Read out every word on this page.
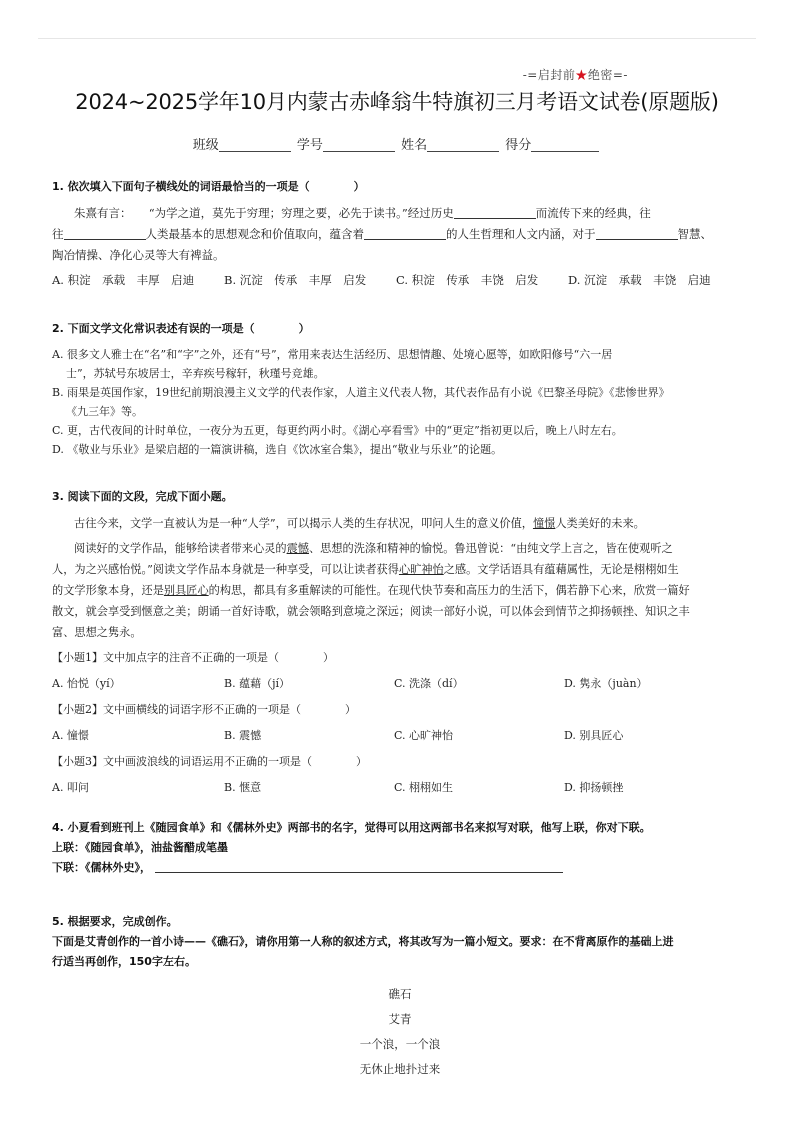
-=启封前★绝密=-
2024~2025学年10月内蒙古赤峰翁牛特旗初三月考语文试卷(原题版)
班级	学号	姓名	得分
1. 依次填入下面句子横线处的词语最恰当的一项是（　　　　）

朱熹有言：　　“为学之道，莫先于穷理；穷理之要，必先于读书。”经过历史	而流传下来的经典，往

往	人类最基本的思想观念和价值取向，蕴含着	的人生哲理和人文内涵，对于	智慧、

陶冶情操、净化心灵等大有裨益。

A. 积淀　承载　丰厚　启迪	B. 沉淀　传承　丰厚　启发	C. 积淀　传承　丰饶　启发	D. 沉淀　承载　丰饶　启迪
2. 下面文学文化常识表述有误的一项是（　　　　）
A. 很多文人雅士在“名”和“字”之外，还有“号”，常用来表达生活经历、思想情趣、处境心愿等，如欧阳修号“六一居
士”，苏轼号东坡居士，辛弃疾号稼轩，秋瑾号竞雄。
B. 雨果是英国作家，19世纪前期浪漫主义文学的代表作家，人道主义代表人物，其代表作品有小说《巴黎圣母院》《悲惨世界》
《九三年》等。
C. 更，古代夜间的计时单位，一夜分为五更，每更约两小时。《湖心亭看雪》中的“更定”指初更以后，晚上八时左右。
D. 《敬业与乐业》是梁启超的一篇演讲稿，选自《饮冰室合集》，提出“敬业与乐业”的论题。
3. 阅读下面的文段，完成下面小题。

古往今来，文学一直被认为是一种“人学”，可以揭示人类的生存状况，叩问人生的意义价值，憧憬人类美好的未来。

阅读好的文学作品，能够给读者带来心灵的震憾、思想的洗涤和精神的愉悦。鲁迅曾说：“由纯文学上言之，皆在使观听之

人，为之兴感怡悦。”阅读文学作品本身就是一种享受，可以让读者获得心旷神怡之感。文学话语具有蕴藉属性，无论是栩栩如生

的文学形象本身，还是别具匠心的构思，都具有多重解读的可能性。在现代快节奏和高压力的生活下，偶若静下心来，欣赏一篇好

散文，就会享受到惬意之美；朗诵一首好诗歌，就会领略到意境之深远；阅读一部好小说，可以体会到情节之抑扬顿挫、知识之丰

富、思想之隽永。

【小题1】文中加点字的注音不正确的一项是（　　　　）
A. 怡悦（yí）	B. 蕴藉（jí）	C. 洗涤（dí）	D. 隽永（juàn）
【小题2】文中画横线的词语字形不正确的一项是（　　　　）
A. 憧憬	B. 震憾	C. 心旷神怡	D. 别具匠心
【小题3】文中画波浪线的词语运用不正确的一项是（　　　　）
A. 叩问	B. 惬意	C. 栩栩如生	D. 抑扬顿挫
4. 小夏看到班刊上《随园食单》和《儒林外史》两部书的名字，觉得可以用这两部书名来拟写对联，他写上联，你对下联。
上联：《随园食单》，油盐酱醋成笔墨
下联：《儒林外史》，
5. 根据要求，完成创作。
下面是艾青创作的一首小诗——《礁石》，请你用第一人称的叙述方式，将其改写为一篇小短文。要求：在不背离原作的基础上进
行适当再创作，150字左右。
礁石
艾青
一个浪，一个浪
无休止地扑过来
